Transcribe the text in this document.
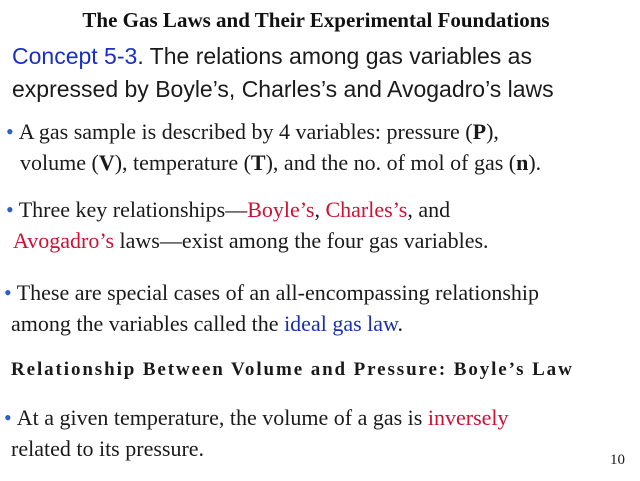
The Gas Laws and Their Experimental Foundations
Concept 5-3. The relations among gas variables as
expressed by Boyle’s, Charles’s and Avogadro’s laws
• A gas sample is described by 4 variables: pressure (P),
volume (V), temperature (T), and the no. of mol of gas (n).
• Three key relationships—Boyle’s, Charles’s, and
Avogadro’s laws—exist among the four gas variables.
• These are special cases of an all-encompassing relationship
among the variables called the ideal gas law.
Relationship Between Volume and Pressure: Boyle’s Law
• At a given temperature, the volume of a gas is inversely
related to its pressure.	10
